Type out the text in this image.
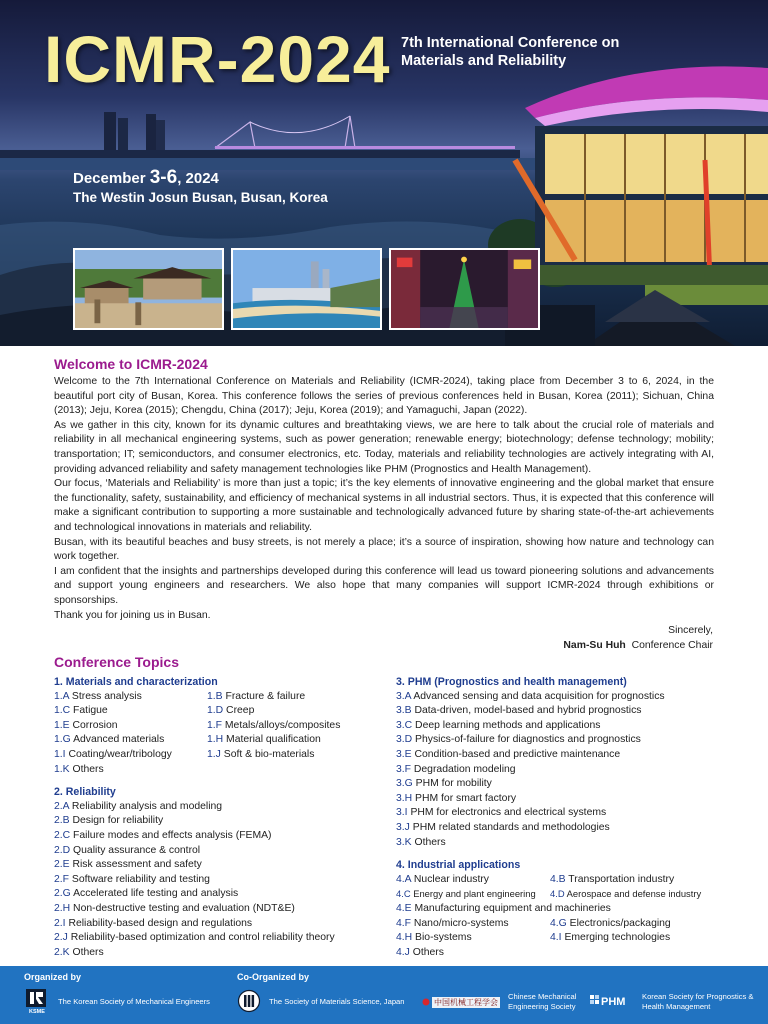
ICMR-2024 7th International Conference on
Materials and Reliability
December 3-6, 2024
The Westin Josun Busan, Busan, Korea
Welcome to ICMR-2024

Welcome to the 7th International Conference on Materials and Reliability (ICMR-2024), taking place from December 3 to 6, 2024, in the beautiful port city of Busan, Korea. This conference follows the series of previous conferences held in Busan, Korea (2011); Sichuan, China (2013); Jeju, Korea (2015); Chengdu, China (2017); Jeju, Korea (2019); and Yamaguchi, Japan (2022).

As we gather in this city, known for its dynamic cultures and breathtaking views, we are here to talk about the crucial role of materials and reliability in all mechanical engineering systems, such as power generation; renewable energy; biotechnology; defense technology; mobility; transportation; IT; semiconductors, and consumer electronics, etc. Today, materials and reliability technologies are actively integrating with AI, providing advanced reliability and safety management technologies like PHM (Prognostics and Health Management).

Our focus, ‘Materials and Reliability’ is more than just a topic; it’s the key elements of innovative engineering and the global market that ensure the functionality, safety, sustainability, and efficiency of mechanical systems in all industrial sectors. Thus, it is expected that this conference will make a significant contribution to supporting a more sustainable and technologically advanced future by sharing state-of-the-art achievements and technological innovations in materials and reliability.

Busan, with its beautiful beaches and busy streets, is not merely a place; it’s a source of inspiration, showing how nature and technology can work together.

I am confident that the insights and partnerships developed during this conference will lead us toward pioneering solutions and advancements and support young engineers and researchers. We also hope that many companies will support ICMR-2024 through exhibitions or sponsorships.

Thank you for joining us in Busan.

Sincerely,
Nam-Su Huh Conference Chair
Conference Topics
1. Materials and characterization
1.A Stress analysis	1.B Fracture & failure
1.C Fatigue	1.D Creep
1.E Corrosion	1.F Metals/alloys/composites
1.G Advanced materials	1.H Material qualification
1.I Coating/wear/tribology	1.J Soft & bio-materials
1.K Others
2. Reliability
2.A Reliability analysis and modeling
2.B Design for reliability
2.C Failure modes and effects analysis (FEMA)
2.D Quality assurance & control
2.E Risk assessment and safety
2.F Software reliability and testing
2.G Accelerated life testing and analysis
2.H Non-destructive testing and evaluation (NDT&E)
2.I Reliability-based design and regulations
2.J Reliability-based optimization and control reliability theory
2.K Others
3. PHM (Prognostics and health management)
3.A Advanced sensing and data acquisition for prognostics
3.B Data-driven, model-based and hybrid prognostics
3.C Deep learning methods and applications
3.D Physics-of-failure for diagnostics and prognostics
3.E Condition-based and predictive maintenance
3.F Degradation modeling
3.G PHM for mobility
3.H PHM for smart factory
3.I PHM for electronics and electrical systems
3.J PHM related standards and methodologies
3.K Others
4. Industrial applications
4.A Nuclear industry	4.B Transportation industry
4.C Energy and plant engineering	4.D Aerospace and defense industry
4.E Manufacturing equipment and machineries
4.F Nano/micro-systems	4.G Electronics/packaging
4.H Bio-systems	4.I Emerging technologies
4.J Others
Organized by	Co-Organized by
KSME
The Korean Society of Mechanical Engineers	The Society of Materials Science, Japan	中国机械工程学会
Chinese Mechanical
Engineering Society PHM Korean Society for Prognostics &
Health Management
